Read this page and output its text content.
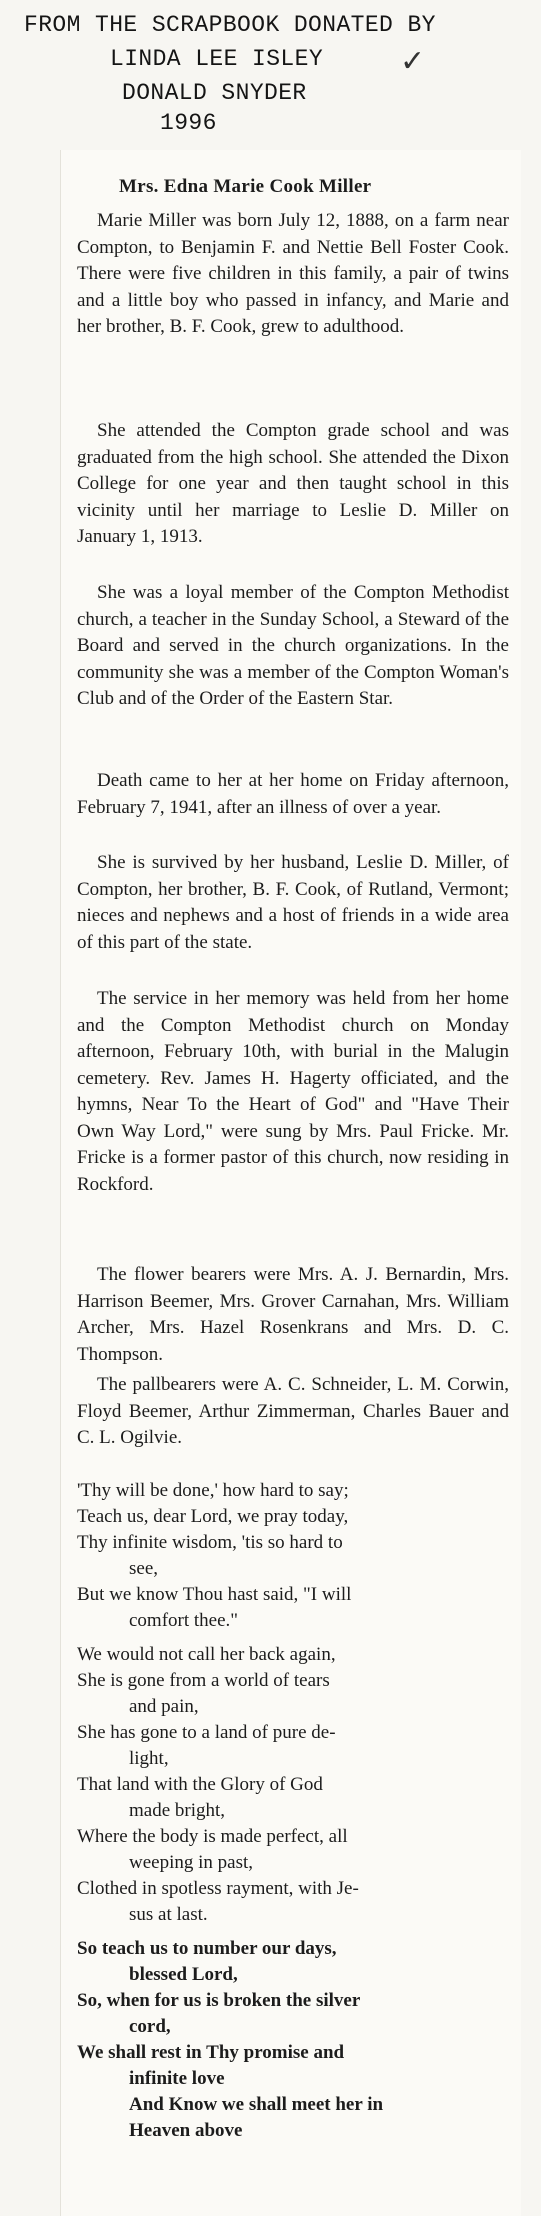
FROM THE SCRAPBOOK DONATED BY
LINDA LEE ISLEY	✓
DONALD SNYDER
1996
Mrs. Edna Marie Cook Miller

Marie Miller was born July 12, 1888, on a farm near Compton, to Benjamin F. and Nettie Bell Foster Cook. There were five children in this family, a pair of twins and a little boy who passed in infancy, and Marie and her brother, B. F. Cook, grew to adulthood.

She attended the Compton grade school and was graduated from the high school. She attended the Dixon College for one year and then taught school in this vicinity until her marriage to Leslie D. Miller on January 1, 1913.

She was a loyal member of the Compton Methodist church, a teacher in the Sunday School, a Steward of the Board and served in the church organizations. In the community she was a member of the Compton Woman's Club and of the Order of the Eastern Star.

Death came to her at her home on Friday afternoon, February 7, 1941, after an illness of over a year.

She is survived by her husband, Leslie D. Miller, of Compton, her brother, B. F. Cook, of Rutland, Vermont; nieces and nephews and a host of friends in a wide area of this part of the state.

The service in her memory was held from her home and the Compton Methodist church on Monday afternoon, February 10th, with burial in the Malugin cemetery. Rev. James H. Hagerty officiated, and the hymns, Near To the Heart of God" and "Have Their Own Way Lord," were sung by Mrs. Paul Fricke. Mr. Fricke is a former pastor of this church, now residing in Rockford.

The flower bearers were Mrs. A. J. Bernardin, Mrs. Harrison Beemer, Mrs. Grover Carnahan, Mrs. William Archer, Mrs. Hazel Rosenkrans and Mrs. D. C. Thompson.

The pallbearers were A. C. Schneider, L. M. Corwin, Floyd Beemer, Arthur Zimmerman, Charles Bauer and C. L. Ogilvie.

'Thy will be done,' how hard to say;

Teach us, dear Lord, we pray today,

Thy infinite wisdom, 'tis so hard to

see,

But we know Thou hast said, "I will

comfort thee."

We would not call her back again,

She is gone from a world of tears

and pain,

She has gone to a land of pure de-

light,

That land with the Glory of God

made bright,

Where the body is made perfect, all

weeping in past,

Clothed in spotless rayment, with Je-

sus at last.

So teach us to number our days,

blessed Lord,

So, when for us is broken the silver

cord,

We shall rest in Thy promise and

infinite love

And Know we shall meet her in

Heaven above
